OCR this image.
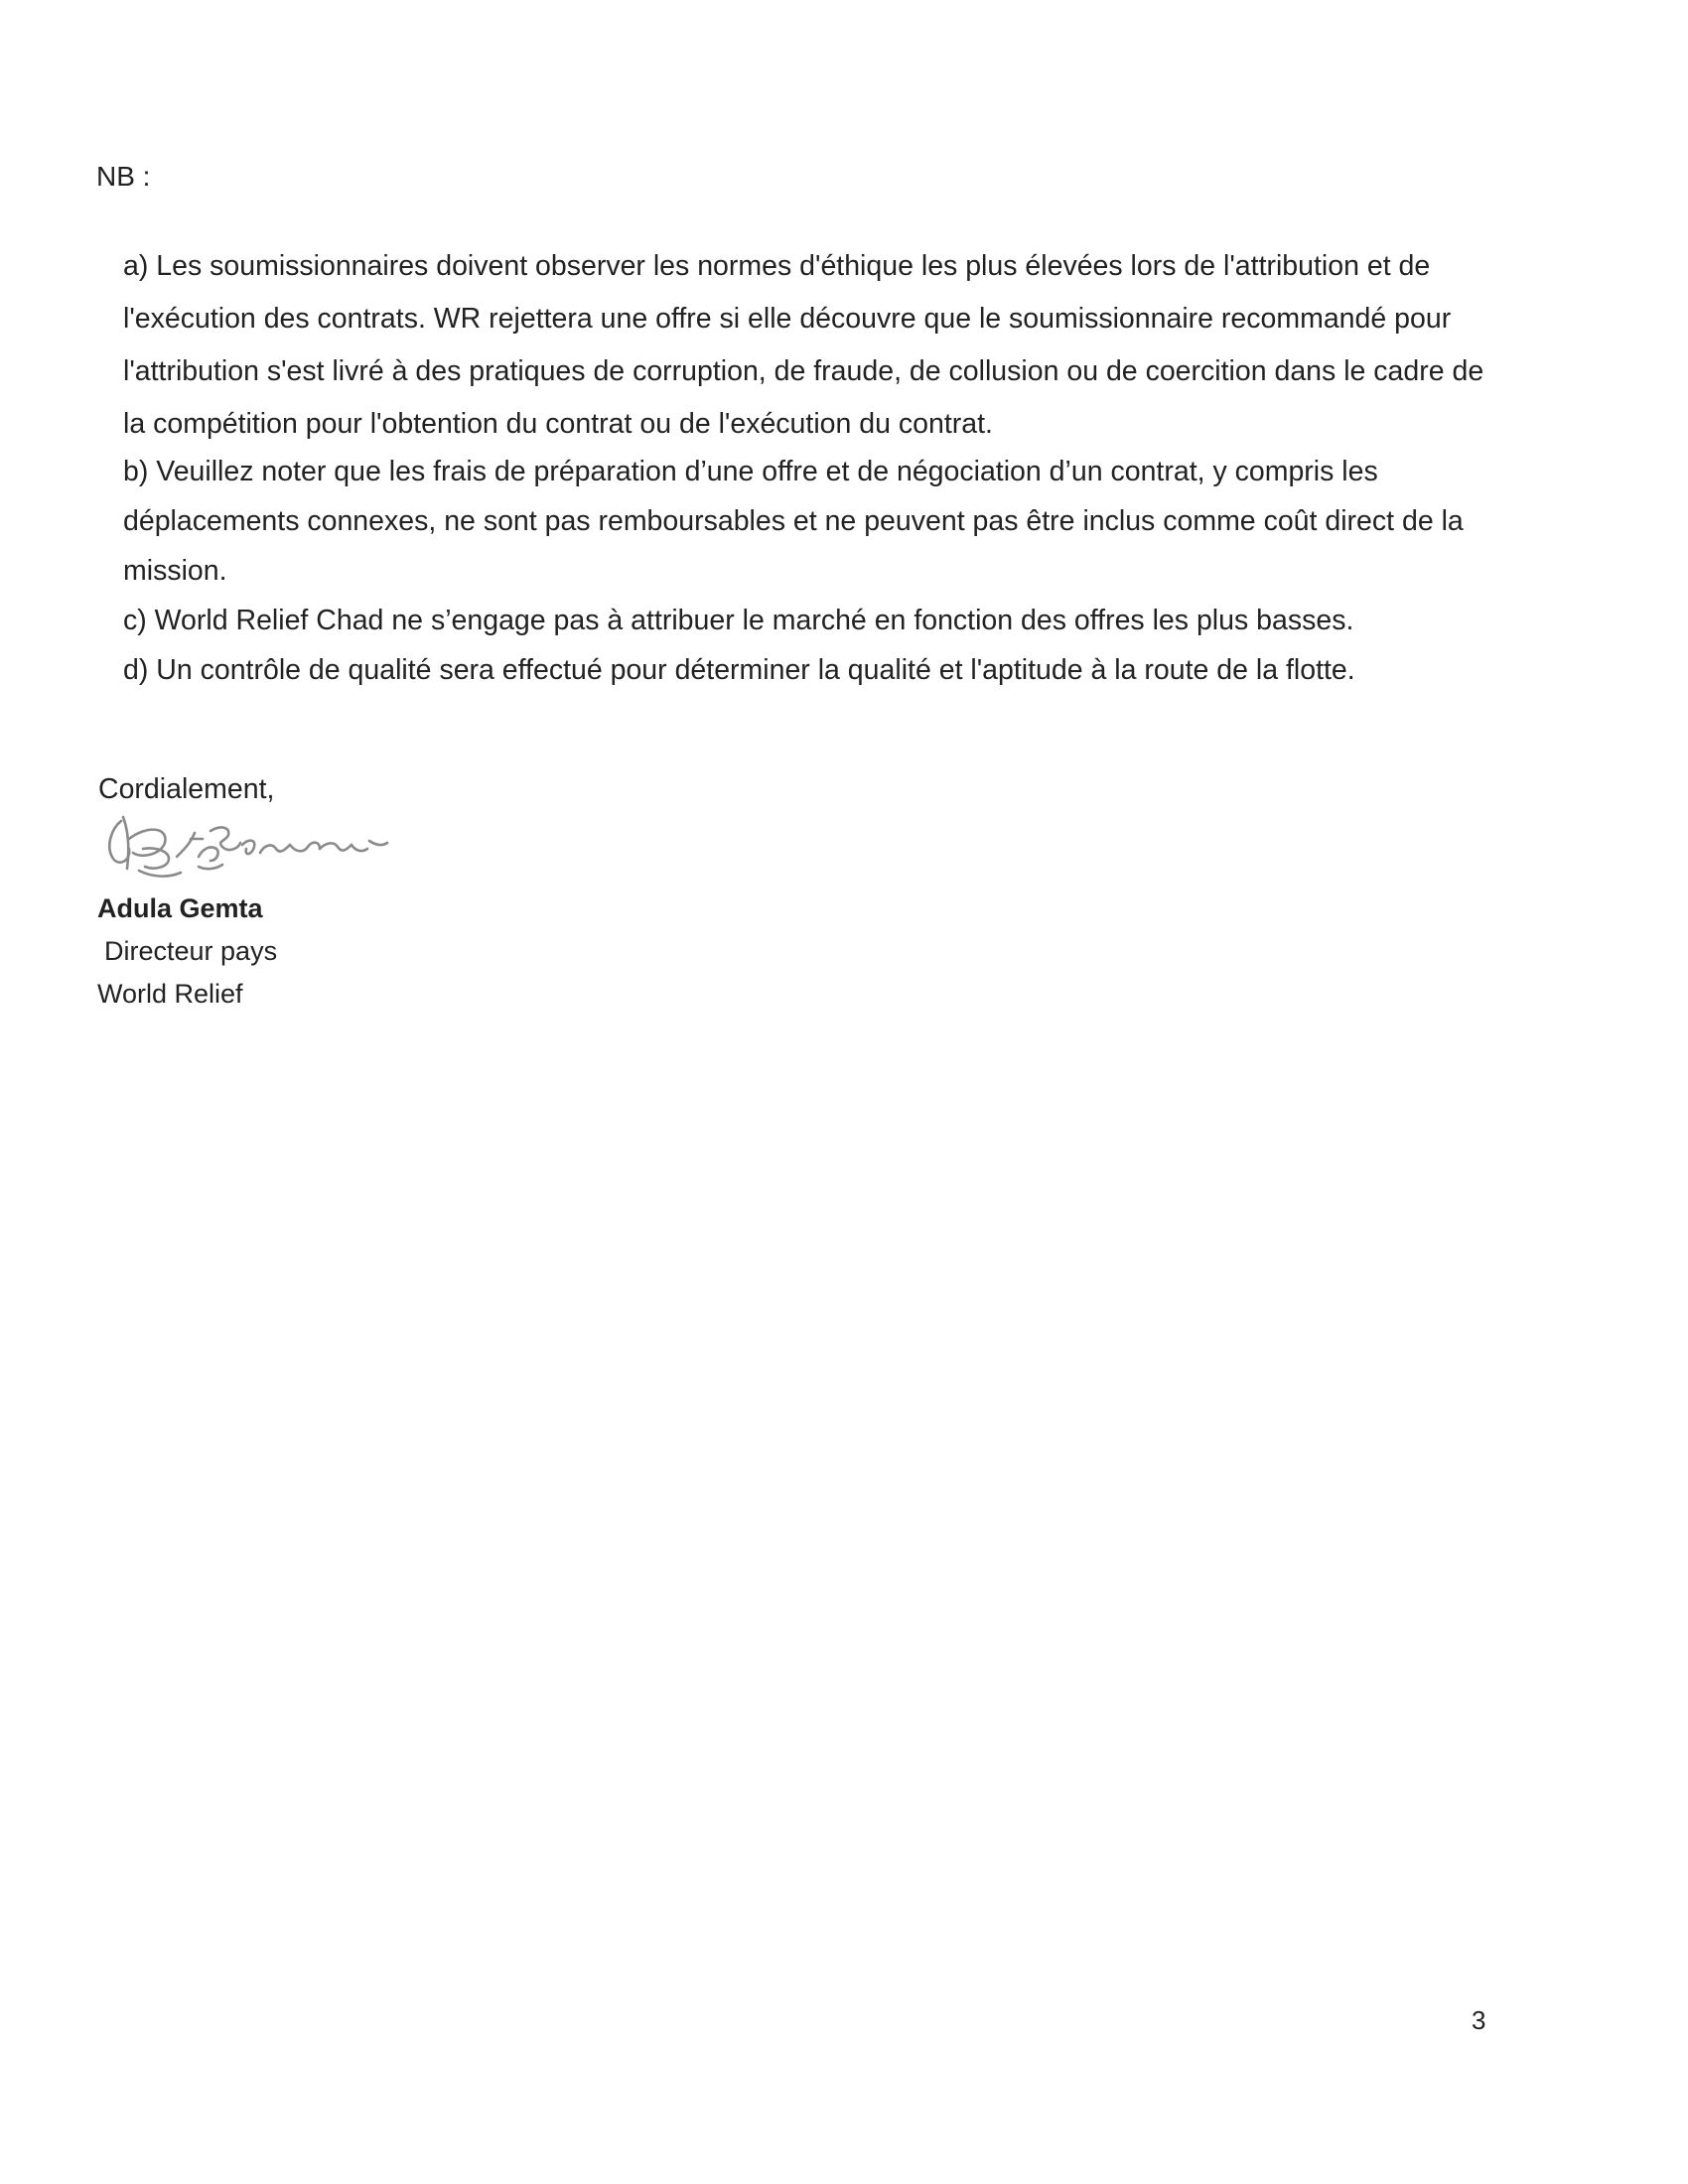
NB :

a) Les soumissionnaires doivent observer les normes d'éthique les plus élevées lors de l'attribution et de l'exécution des contrats. WR rejettera une offre si elle découvre que le soumissionnaire recommandé pour l'attribution s'est livré à des pratiques de corruption, de fraude, de collusion ou de coercition dans le cadre de la compétition pour l'obtention du contrat ou de l'exécution du contrat.

b) Veuillez noter que les frais de préparation d’une offre et de négociation d’un contrat, y compris les déplacements connexes, ne sont pas remboursables et ne peuvent pas être inclus comme coût direct de la mission.

c) World Relief Chad ne s’engage pas à attribuer le marché en fonction des offres les plus basses.

d) Un contrôle de qualité sera effectué pour déterminer la qualité et l'aptitude à la route de la flotte.

Cordialement,
Adula Gemta
Directeur pays
World Relief
3
